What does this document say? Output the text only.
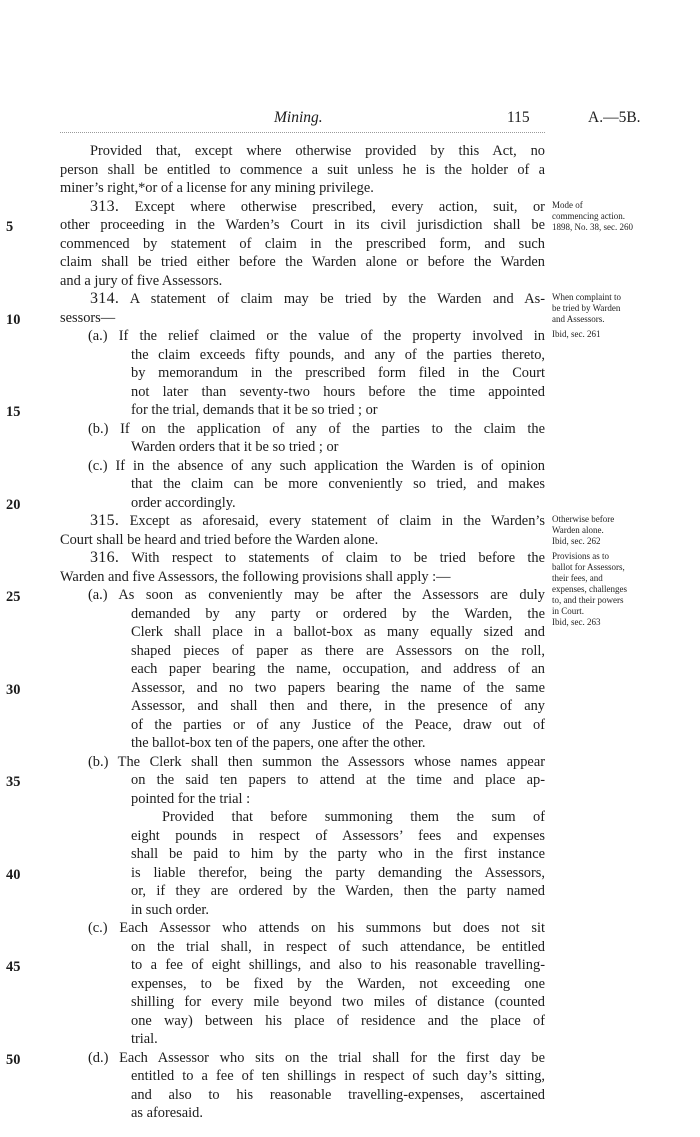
Mining.	115	A.—5B.
Provided that, except where otherwise provided by this Act, no
person shall be entitled to commence a suit unless he is the holder of a
miner’s right,*or of a license for any mining privilege.
313. Except where otherwise prescribed, every action, suit, or
5	other proceeding in the Warden’s Court in its civil jurisdiction shall be
commenced by statement of claim in the prescribed form, and such
claim shall be tried either before the Warden alone or before the Warden
and a jury of five Assessors.
314. A statement of claim may be tried by the Warden and As-
10	sessors—
(a.) If the relief claimed or the value of the property involved in
the claim exceeds fifty pounds, and any of the parties thereto,
by memorandum in the prescribed form filed in the Court
not later than seventy-two hours before the time appointed
15	for the trial, demands that it be so tried ; or
(b.) If on the application of any of the parties to the claim the
Warden orders that it be so tried ; or
(c.) If in the absence of any such application the Warden is of opinion
that the claim can be more conveniently so tried, and makes
20	order accordingly.
315. Except as aforesaid, every statement of claim in the Warden’s
Court shall be heard and tried before the Warden alone.
316. With respect to statements of claim to be tried before the
Warden and five Assessors, the following provisions shall apply :—
25	(a.) As soon as conveniently may be after the Assessors are duly
demanded by any party or ordered by the Warden, the
Clerk shall place in a ballot-box as many equally sized and
shaped pieces of paper as there are Assessors on the roll,
each paper bearing the name, occupation, and address of an
30	Assessor, and no two papers bearing the name of the same
Assessor, and shall then and there, in the presence of any
of the parties or of any Justice of the Peace, draw out of
the ballot-box ten of the papers, one after the other.
(b.) The Clerk shall then summon the Assessors whose names appear
35	on the said ten papers to attend at the time and place ap-
pointed for the trial :
Provided that before summoning them the sum of
eight pounds in respect of Assessors’ fees and expenses
shall be paid to him by the party who in the first instance
40	is liable therefor, being the party demanding the Assessors,
or, if they are ordered by the Warden, then the party named
in such order.
(c.) Each Assessor who attends on his summons but does not sit
on the trial shall, in respect of such attendance, be entitled
45	to a fee of eight shillings, and also to his reasonable travelling-
expenses, to be fixed by the Warden, not exceeding one
shilling for every mile beyond two miles of distance (counted
one way) between his place of residence and the place of
trial.
50	(d.) Each Assessor who sits on the trial shall for the first day be
entitled to a fee of ten shillings in respect of such day’s sitting,
and also to his reasonable travelling-expenses, ascertained
as aforesaid.
Mode of
commencing action.
1898, No. 38, sec. 260
When complaint to
be tried by Warden
and Assessors.
Ibid, sec. 261
Otherwise before
Warden alone.
Ibid, sec. 262
Provisions as to
ballot for Assessors,
their fees, and
expenses, challenges
to, and their powers
in Court.
Ibid, sec. 263
